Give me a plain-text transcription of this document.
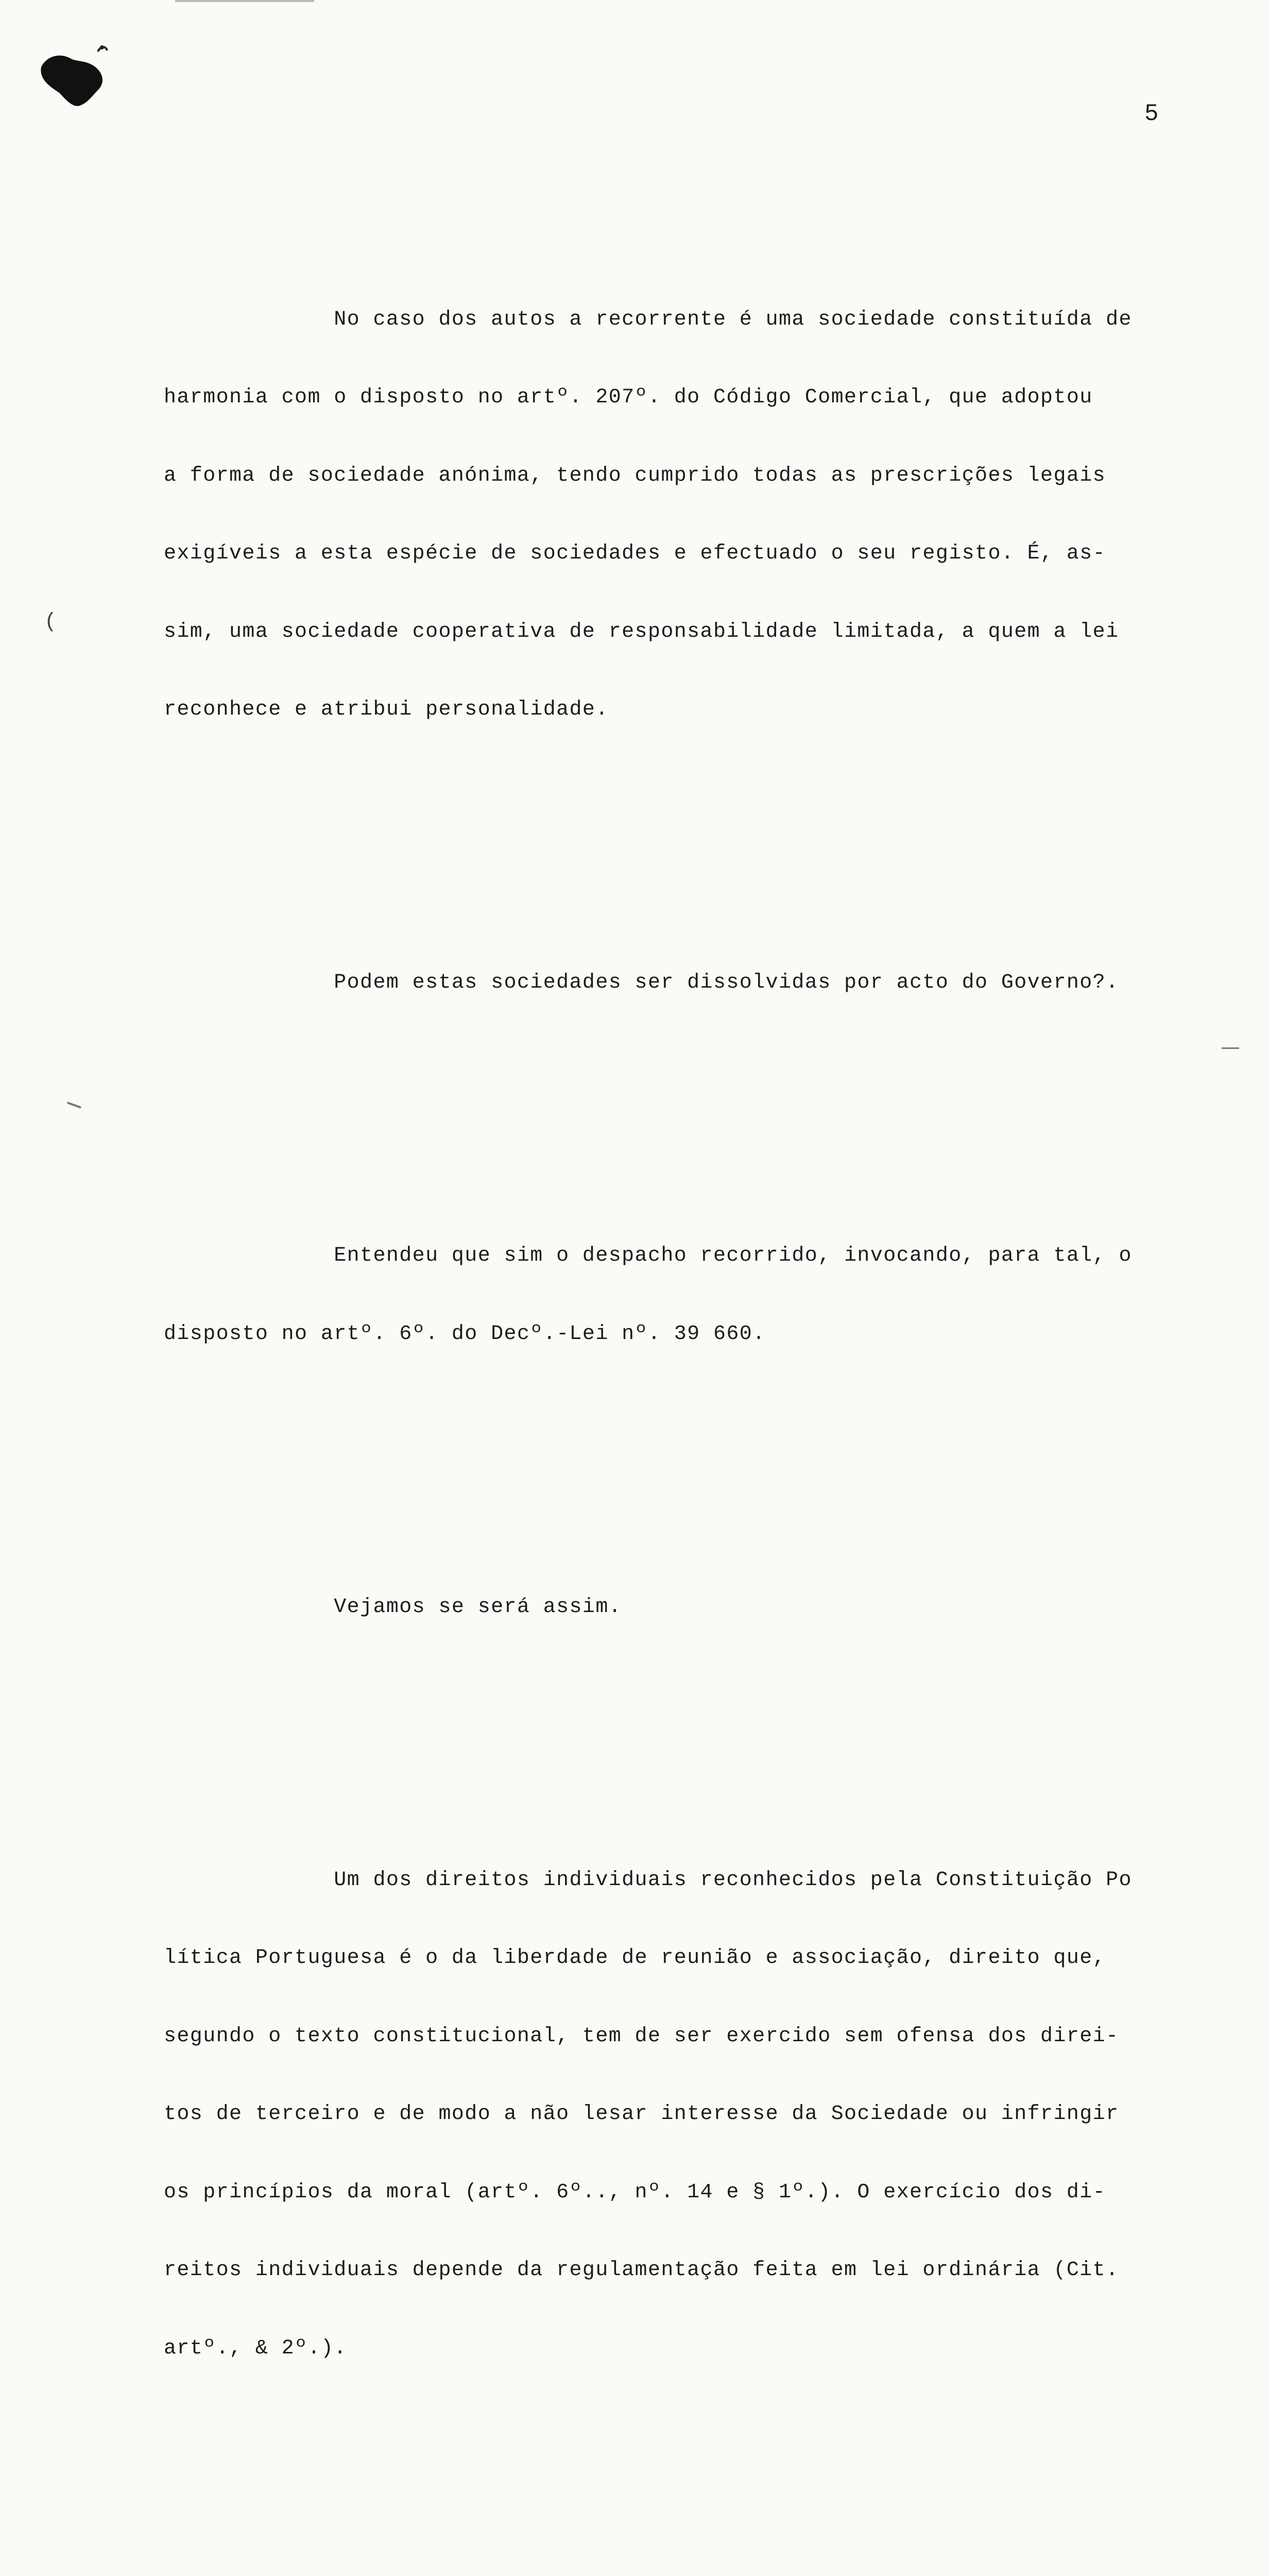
5
(

No caso dos autos a recorrente é uma sociedade constituída de

harmonia com o disposto no artº. 207º. do Código Comercial, que adoptou

a forma de sociedade anónima, tendo cumprido todas as prescrições legais

exigíveis a esta espécie de sociedades e efectuado o seu registo. É, as-

sim, uma sociedade cooperativa de responsabilidade limitada, a quem a lei

reconhece e atribui personalidade.

Podem estas sociedades ser dissolvidas por acto do Governo?.

Entendeu que sim o despacho recorrido, invocando, para tal, o

disposto no artº. 6º. do Decº.-Lei nº. 39 660.

Vejamos se será assim.

Um dos direitos individuais reconhecidos pela Constituição Po

lítica Portuguesa é o da liberdade de reunião e associação, direito que,

segundo o texto constitucional, tem de ser exercido sem ofensa dos direi-

tos de terceiro e de modo a não lesar interesse da Sociedade ou infringir

os princípios da moral (artº. 6º.., nº. 14 e § 1º.). O exercício dos di-

reitos individuais depende da regulamentação feita em lei ordinária (Cit.

artº., & 2º.).
